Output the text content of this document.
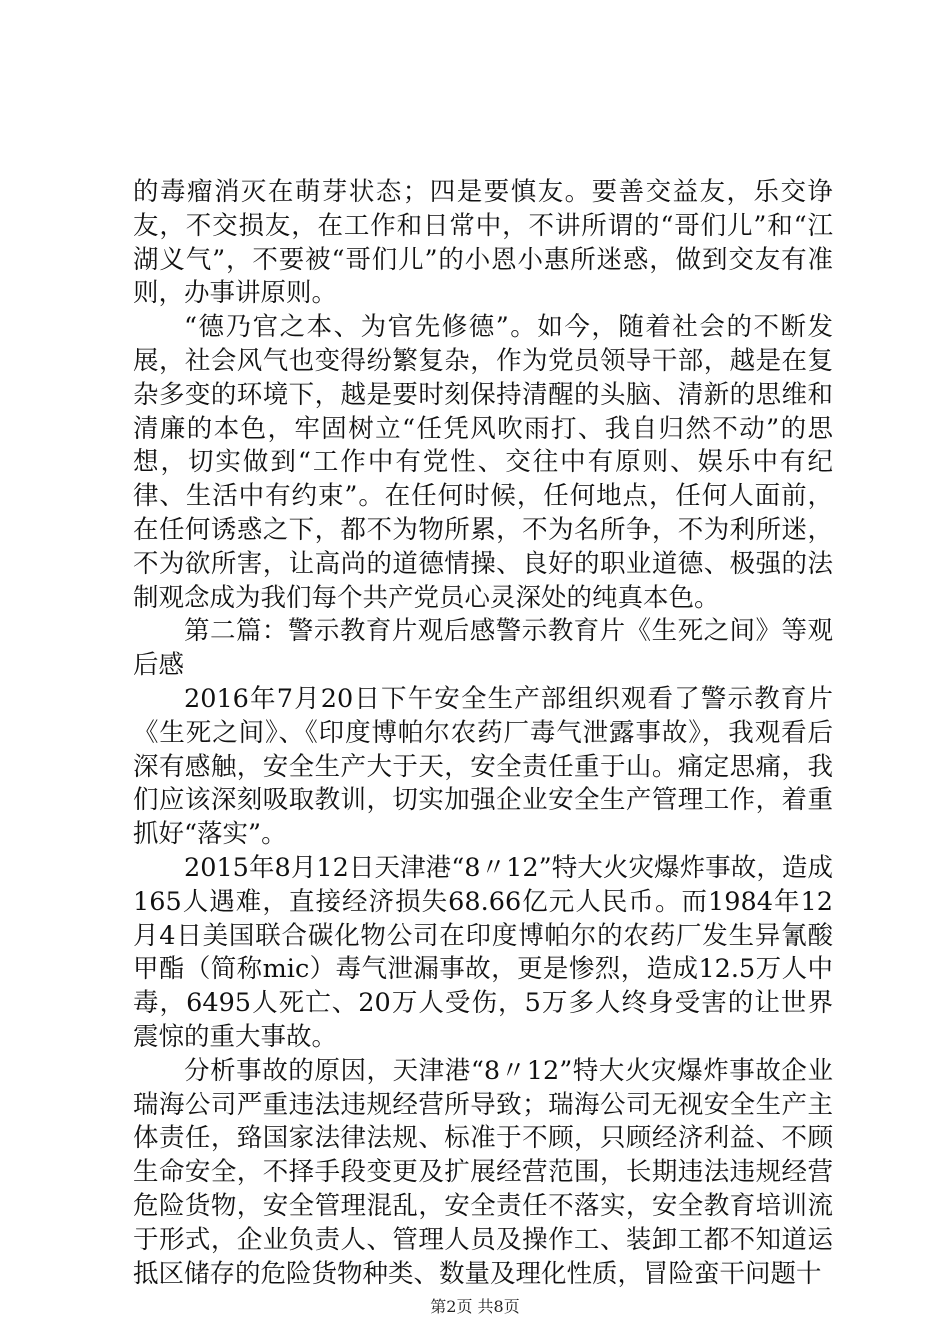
的毒瘤消灭在萌芽状态；四是要慎友。要善交益友，乐交诤友，不交损友，在工作和日常中，不讲所谓的“哥们儿”和“江湖义气”，不要被“哥们儿”的小恩小惠所迷惑，做到交友有准则，办事讲原则。

“德乃官之本、为官先修德”。如今，随着社会的不断发展，社会风气也变得纷繁复杂，作为党员领导干部，越是在复杂多变的环境下，越是要时刻保持清醒的头脑、清新的思维和清廉的本色，牢固树立“任凭风吹雨打、我自归然不动”的思想，切实做到“工作中有党性、交往中有原则、娱乐中有纪律、生活中有约束”。在任何时候，任何地点，任何人面前，在任何诱惑之下，都不为物所累，不为名所争，不为利所迷，不为欲所害，让高尚的道德情操、良好的职业道德、极强的法制观念成为我们每个共产党员心灵深处的纯真本色。

第二篇：警示教育片观后感警示教育片《生死之间》等观后感

2016年7月20日下午安全生产部组织观看了警示教育片《生死之间》、《印度博帕尔农药厂毒气泄露事故》，我观看后深有感触，安全生产大于天，安全责任重于山。痛定思痛，我们应该深刻吸取教训，切实加强企业安全生产管理工作，着重抓好“落实”。

2015年8月12日天津港“8〃12”特大火灾爆炸事故，造成165人遇难，直接经济损失68.66亿元人民币。而1984年12月4日美国联合碳化物公司在印度博帕尔的农药厂发生异氰酸甲酯（简称mic）毒气泄漏事故，更是惨烈，造成12.5万人中毒，6495人死亡、20万人受伤，5万多人终身受害的让世界震惊的重大事故。

分析事故的原因，天津港“8〃12”特大火灾爆炸事故企业瑞海公司严重违法违规经营所导致；瑞海公司无视安全生产主体责任，臵国家法律法规、标准于不顾，只顾经济利益、不顾生命安全，不择手段变更及扩展经营范围，长期违法违规经营危险货物，安全管理混乱，安全责任不落实，安全教育培训流于形式，企业负责人、管理人员及操作工、装卸工都不知道运抵区储存的危险货物种类、数量及理化性质，冒险蛮干问题十

第2页 共8页
